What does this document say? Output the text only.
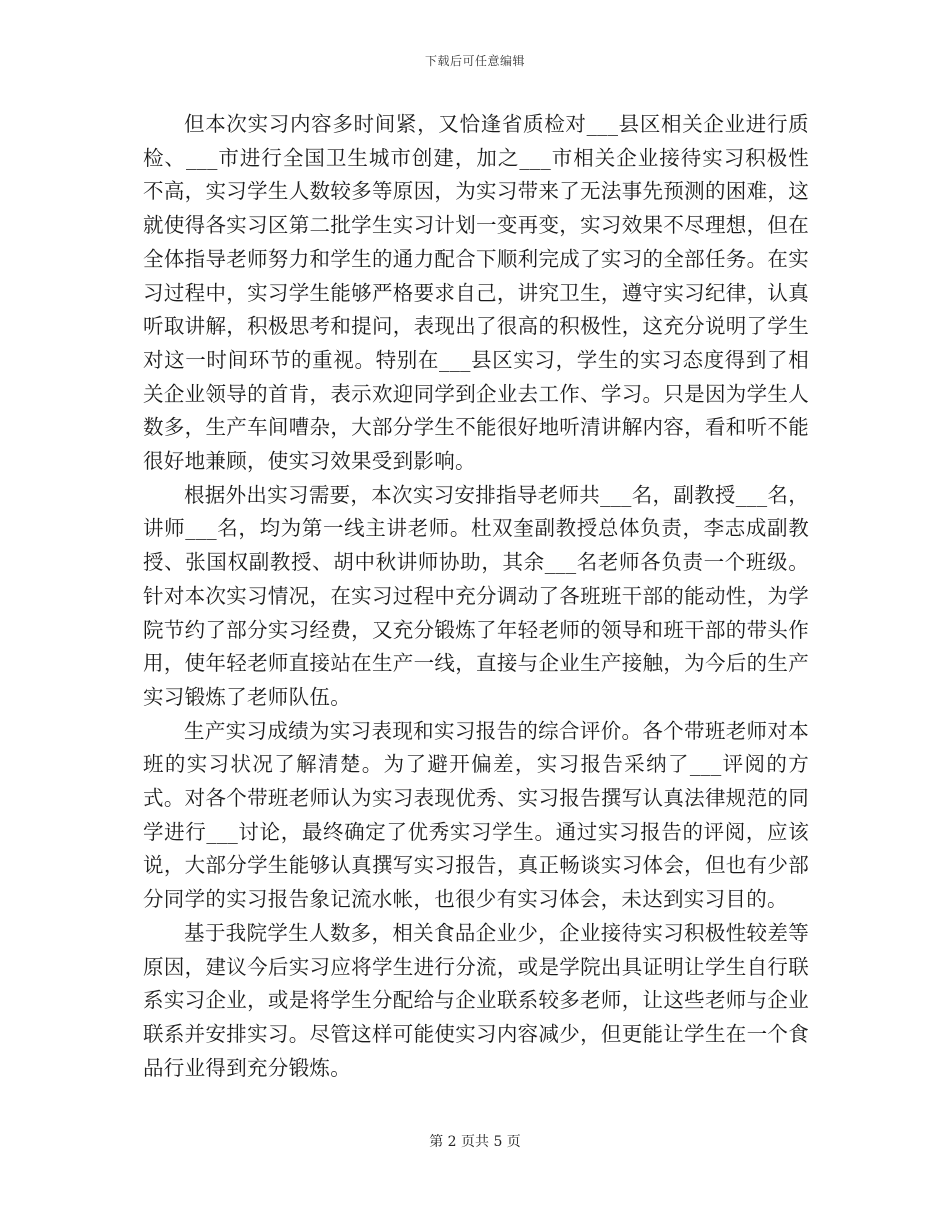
下载后可任意编辑

但本次实习内容多时间紧，又恰逢省质检对___县区相关企业进行质检、___市进行全国卫生城市创建，加之___市相关企业接待实习积极性不高，实习学生人数较多等原因，为实习带来了无法事先预测的困难，这就使得各实习区第二批学生实习计划一变再变，实习效果不尽理想，但在全体指导老师努力和学生的通力配合下顺利完成了实习的全部任务。在实习过程中，实习学生能够严格要求自己，讲究卫生，遵守实习纪律，认真听取讲解，积极思考和提问，表现出了很高的积极性，这充分说明了学生对这一时间环节的重视。特别在___县区实习，学生的实习态度得到了相关企业领导的首肯，表示欢迎同学到企业去工作、学习。只是因为学生人数多，生产车间嘈杂，大部分学生不能很好地听清讲解内容，看和听不能很好地兼顾，使实习效果受到影响。

根据外出实习需要，本次实习安排指导老师共___名，副教授___名，讲师___名，均为第一线主讲老师。杜双奎副教授总体负责，李志成副教授、张国权副教授、胡中秋讲师协助，其余___名老师各负责一个班级。针对本次实习情况，在实习过程中充分调动了各班班干部的能动性，为学院节约了部分实习经费，又充分锻炼了年轻老师的领导和班干部的带头作用，使年轻老师直接站在生产一线，直接与企业生产接触，为今后的生产实习锻炼了老师队伍。

生产实习成绩为实习表现和实习报告的综合评价。各个带班老师对本班的实习状况了解清楚。为了避开偏差，实习报告采纳了___评阅的方式。对各个带班老师认为实习表现优秀、实习报告撰写认真法律规范的同学进行___讨论，最终确定了优秀实习学生。通过实习报告的评阅，应该说，大部分学生能够认真撰写实习报告，真正畅谈实习体会，但也有少部分同学的实习报告象记流水帐，也很少有实习体会，未达到实习目的。

基于我院学生人数多，相关食品企业少，企业接待实习积极性较差等原因，建议今后实习应将学生进行分流，或是学院出具证明让学生自行联系实习企业，或是将学生分配给与企业联系较多老师，让这些老师与企业联系并安排实习。尽管这样可能使实习内容减少，但更能让学生在一个食品行业得到充分锻炼。

第 2 页共 5 页
